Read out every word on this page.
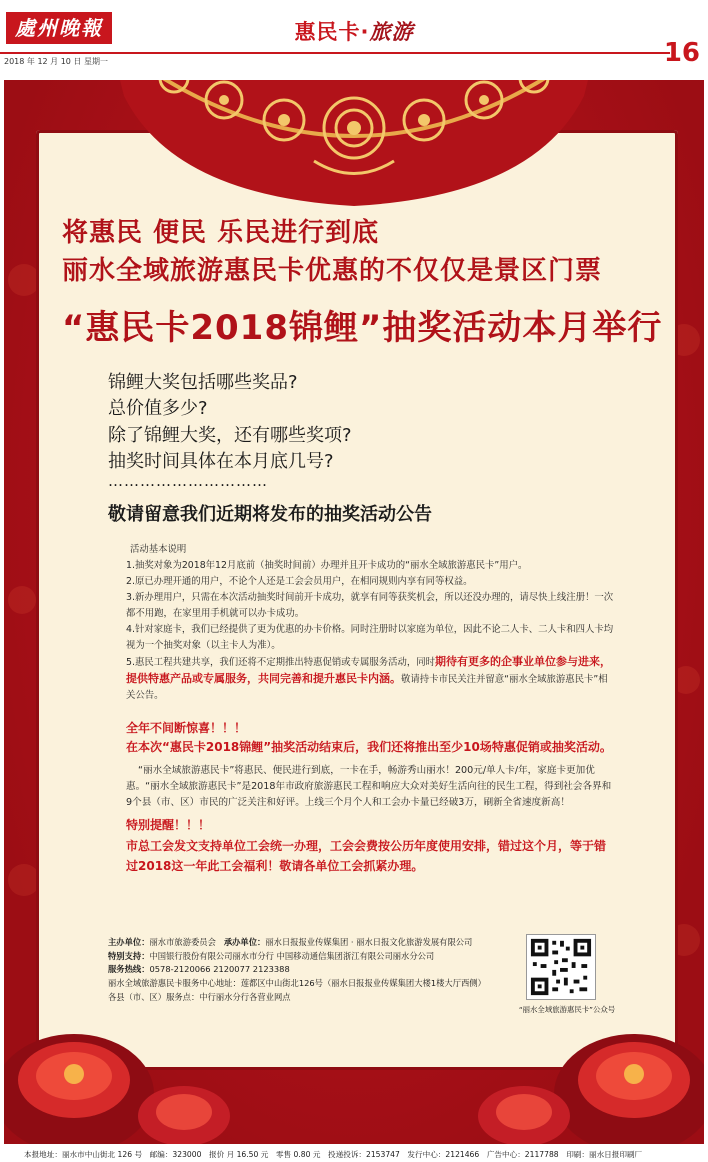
處州晚報	惠民卡·旅游
16
2018 年 12 月 10 日 星期一
将惠民 便民 乐民进行到底
丽水全域旅游惠民卡优惠的不仅仅是景区门票
“惠民卡2018锦鲤”抽奖活动本月举行
锦鲤大奖包括哪些奖品?
总价值多少?
除了锦鲤大奖，还有哪些奖项?
抽奖时间具体在本月底几号?
…………………………
敬请留意我们近期将发布的抽奖活动公告

活动基本说明

1.抽奖对象为2018年12月底前（抽奖时间前）办理并且开卡成功的“丽水全域旅游惠民卡”用户。

2.原已办理开通的用户，不论个人还是工会会员用户，在相同规则内享有同等权益。

3.新办理用户，只需在本次活动抽奖时间前开卡成功，就享有同等获奖机会，所以还没办理的，请尽快上线注册！一次都不用跑，在家里用手机就可以办卡成功。

4.针对家庭卡，我们已经提供了更为优惠的办卡价格。同时注册时以家庭为单位，因此不论二人卡、二人卡和四人卡均视为一个抽奖对象（以主卡人为准）。

5.惠民工程共建共享，我们还将不定期推出特惠促销或专属服务活动，同时期待有更多的企事业单位参与进来，提供特惠产品或专属服务，共同完善和提升惠民卡内涵。敬请持卡市民关注并留意“丽水全域旅游惠民卡”相关公告。

全年不间断惊喜！！！
在本次“惠民卡2018锦鲤”抽奖活动结束后，我们还将推出至少10场特惠促销或抽奖活动。
“丽水全域旅游惠民卡”将惠民、便民进行到底，一卡在手，畅游秀山丽水！200元/单人卡/年，家庭卡更加优惠。“丽水全域旅游惠民卡”是2018年市政府旅游惠民工程和响应大众对美好生活向往的民生工程，得到社会各界和9个县（市、区）市民的广泛关注和好评。上线三个月个人和工会办卡量已经破3万，刷新全省速度新高！
特别提醒！！！
市总工会发文支持单位工会统一办理，工会会费按公历年度使用安排，错过这个月，等于错过2018这一年此工会福利！敬请各单位工会抓紧办理。
主办单位：丽水市旅游委员会 承办单位：丽水日报报业传媒集团 · 丽水日报文化旅游发展有限公司
特别支持：中国银行股份有限公司丽水市分行 中国移动通信集团浙江有限公司丽水分公司
服务热线：0578-2120066 2120077 2123388
丽水全域旅游惠民卡服务中心地址：莲都区中山街北126号（丽水日报报业传媒集团大楼1楼大厅西侧）
各县（市、区）服务点：中行丽水分行各营业网点
“丽水全域旅游惠民卡”公众号
本报地址：丽水市中山街北 126 号　邮编：323000　报价 月 16.50 元　零售 0.80 元　投递投诉：2153747　发行中心：2121466　广告中心：2117788　印刷：丽水日报印刷厂
